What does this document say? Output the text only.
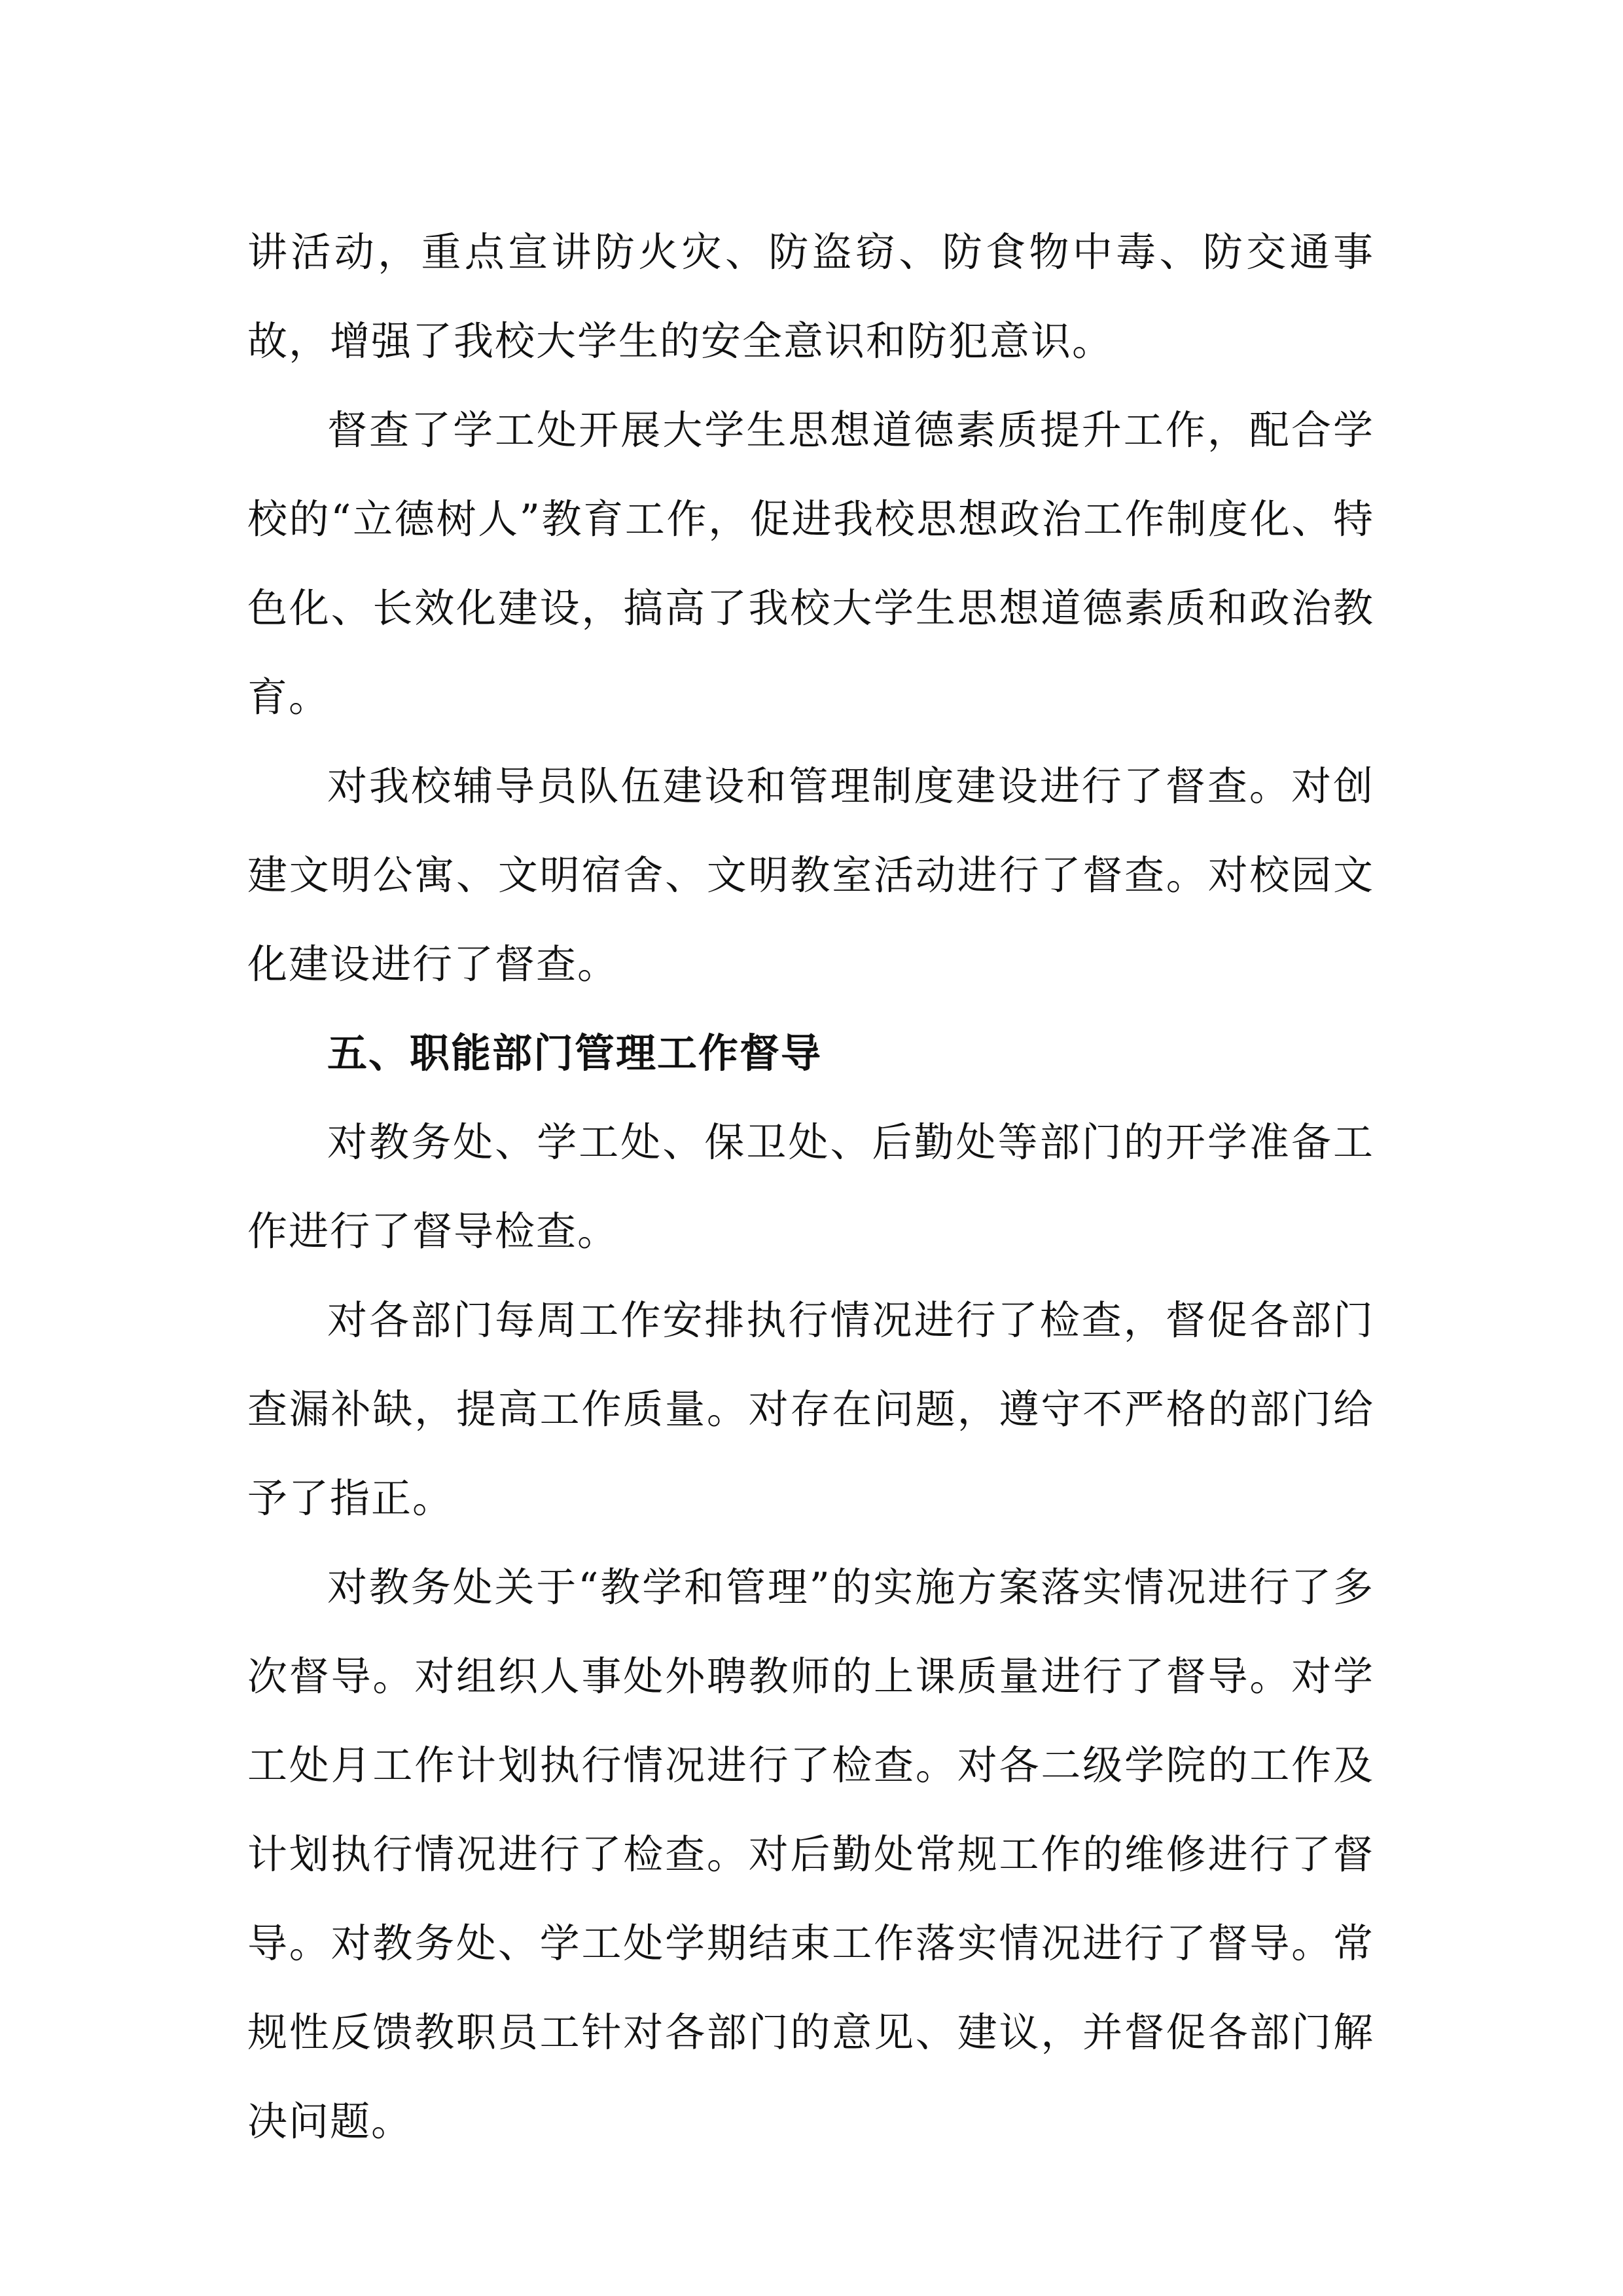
讲活动，重点宣讲防火灾、防盗窃、防食物中毒、防交通事故，增强了我校大学生的安全意识和防犯意识。

督查了学工处开展大学生思想道德素质提升工作，配合学校的“立德树人”教育工作，促进我校思想政治工作制度化、特色化、长效化建设，搞高了我校大学生思想道德素质和政治教育。

对我校辅导员队伍建设和管理制度建设进行了督查。对创建文明公寓、文明宿舍、文明教室活动进行了督查。对校园文化建设进行了督查。

五、职能部门管理工作督导

对教务处、学工处、保卫处、后勤处等部门的开学准备工作进行了督导检查。

对各部门每周工作安排执行情况进行了检查，督促各部门查漏补缺，提高工作质量。对存在问题，遵守不严格的部门给予了指正。

对教务处关于“教学和管理”的实施方案落实情况进行了多次督导。对组织人事处外聘教师的上课质量进行了督导。对学工处月工作计划执行情况进行了检查。对各二级学院的工作及计划执行情况进行了检查。对后勤处常规工作的维修进行了督导。对教务处、学工处学期结束工作落实情况进行了督导。常规性反馈教职员工针对各部门的意见、建议，并督促各部门解决问题。
